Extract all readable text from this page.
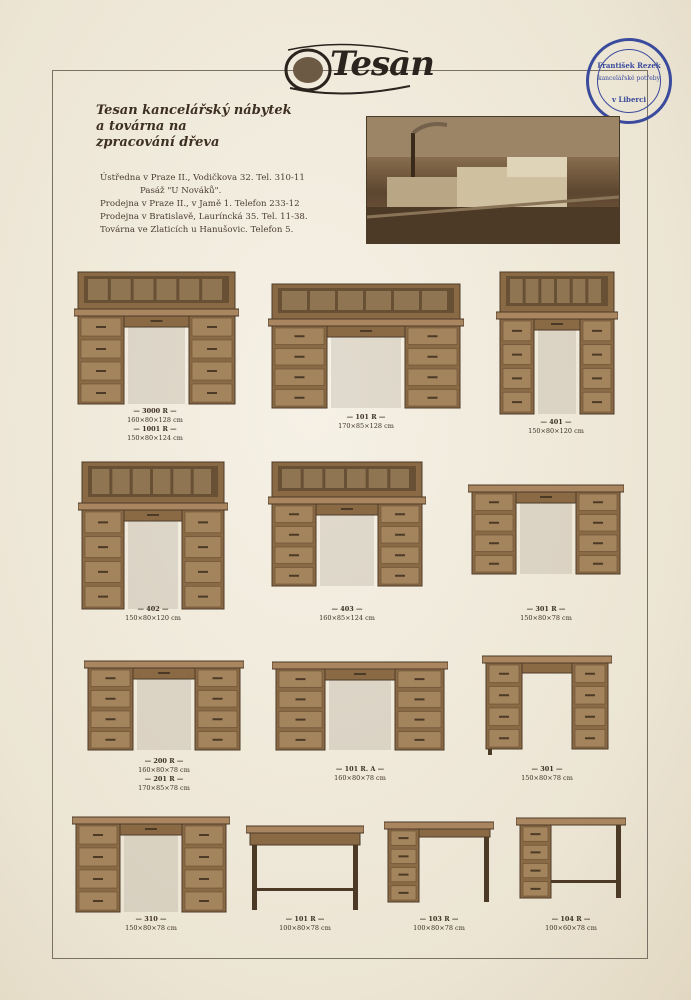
Tesan	František Rezek
kancelářské potřeby
v Liberci
Tesan kancelářský nábytek
a továrna na
zpracování dřeva
Ústředna v Praze II., Vodičkova 32. Tel. 310-11
Pasáž "U Nováků".
Prodejna v Praze II., v Jamě 1. Telefon 233-12
Prodejna v Bratislavě, Lauríncká 35. Tel. 11-38.
Továrna ve Zlaticích u Hanušovic. Telefon 5.
— 3000 R —
160×80×128 cm
— 1001 R —
150×80×124 cm
— 101 R —
170×85×128 cm	— 401 —
150×80×120 cm
— 402 —
150×80×120 cm
— 403 —
160×85×124 cm
— 301 R —
150×80×78 cm
— 200 R —
160×80×78 cm
— 201 R —
170×85×78 cm
— 101 R. A —
160×80×78 cm
— 301 —
150×80×78 cm
— 310 —
150×80×78 cm
— 101 R —
100×80×78 cm
— 103 R —
100×80×78 cm
— 104 R —
100×60×78 cm
